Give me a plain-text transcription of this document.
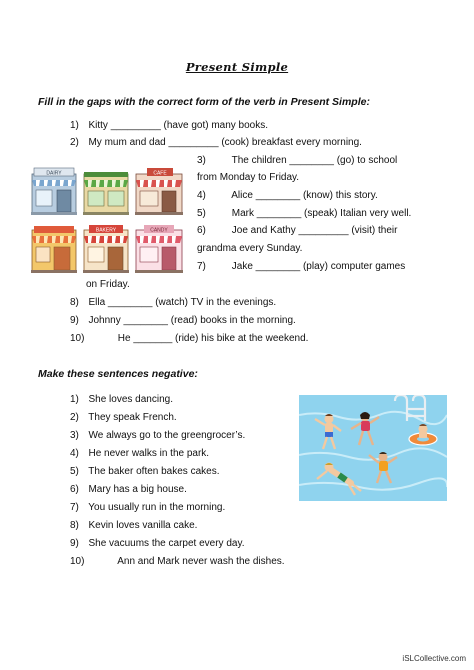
Present Simple
Fill in the gaps with the correct form of the verb in Present Simple:
1) Kitty _________ (have got) many books.
2) My mum and dad _________ (cook) breakfast every morning.
3)	The children ________ (go) to school
from Monday to Friday.
4)	Alice ________ (know) this story.
5)	Mark ________ (speak) Italian very well.
6)	Joe and Kathy _________ (visit) their
grandma every Sunday.
7)	Jake ________ (play) computer games
on Friday.
8) Ella ________ (watch) TV in the evenings.
9) Johnny ________ (read) books in the morning.
10)	He _______ (ride) his bike at the weekend.
DAIRY	CAFE
BAKERY	CANDY
Make these sentences negative:
1) She loves dancing.
2) They speak French.
3) We always go to the greengrocer’s.
4) He never walks in the park.
5) The baker often bakes cakes.
6) Mary has a big house.
7) You usually run in the morning.
8) Kevin loves vanilla cake.
9) She vacuums the carpet every day.
10)	Ann and Mark never wash the dishes.
iSLCollective.com
